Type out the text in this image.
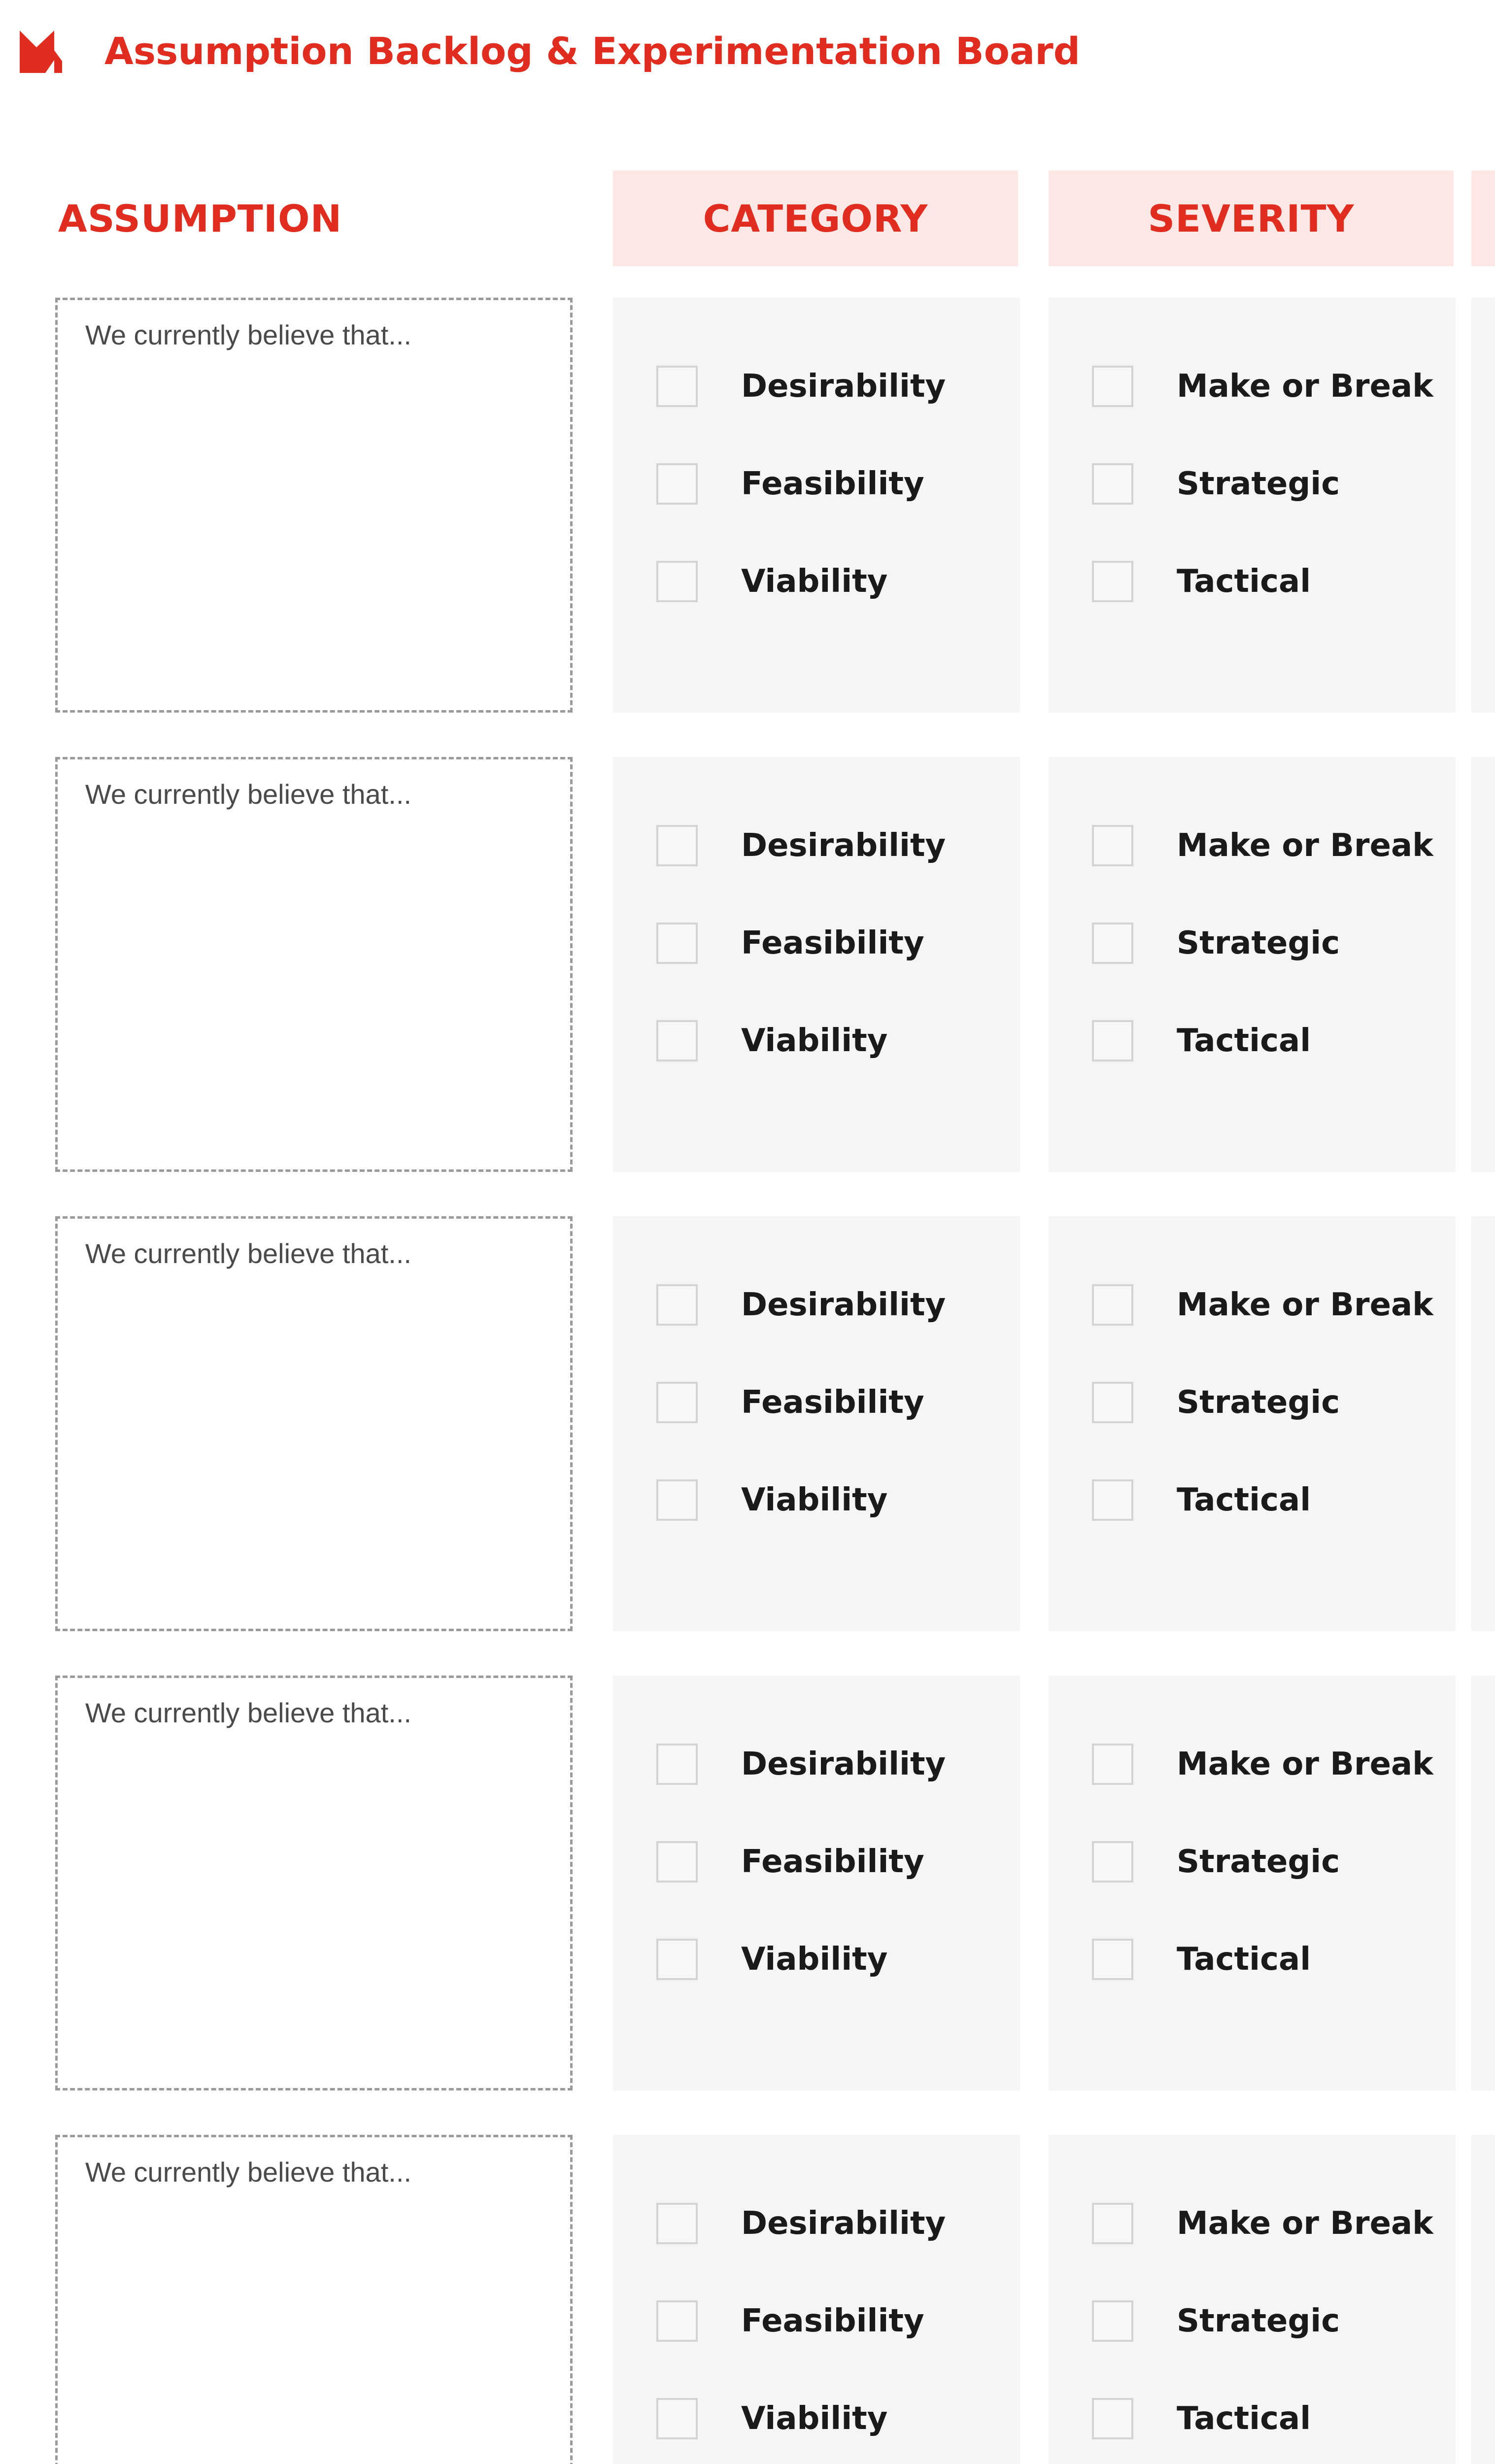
Assumption Backlog & Experimentation Board
ASSUMPTION	CATEGORY	SEVERITY
We currently believe that...
Desirability
Feasibility
Viability
Make or Break
Strategic
Tactical
We currently believe that...
Desirability
Feasibility
Viability
Make or Break
Strategic
Tactical
We currently believe that...
Desirability
Feasibility
Viability
Make or Break
Strategic
Tactical
We currently believe that...
Desirability
Feasibility
Viability
Make or Break
Strategic
Tactical
We currently believe that...
Desirability
Feasibility
Viability
Make or Break
Strategic
Tactical
